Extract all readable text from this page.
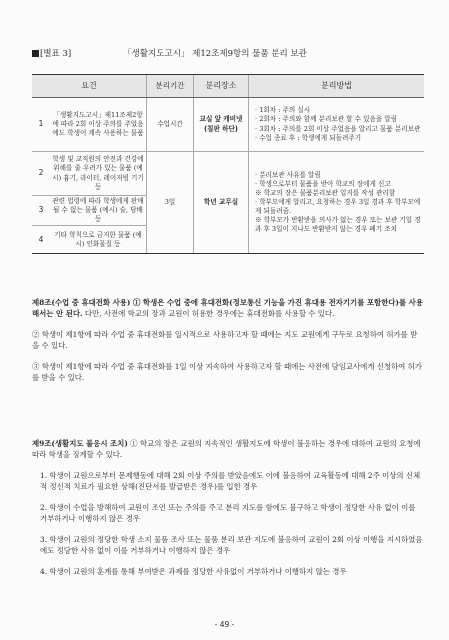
[별표 3]	「생활지도고시」 제12조제9항의 물품 분리 보관
요건		분리기간	분리장소	분리방법
1	「생활지도고시」제11조제2항에 따라 2회 이상 주의를 주었음에도 학생이 계속 사용하는 물품	수업시간	교실 앞 캐비넷 (칠판 하단)	· 1회차 : 주의 실시

· 2회차 : 주의와 함께 분리보관 할 수 있음을 알림

· 3회차 : 주의를 2회 이상 주었음을 알리고 물품 분리보관

· 수업 종료 후 : 학생에게 되돌려주기

2	학생 및 교직원의 안전과 건강에 위해를 줄 우려가 있는 물품 (예시) 흉기, 라이터, 레이저빔 기기 등	3일	학년 교무실	· 분리보관 사유를 알림

· 학생으로부터 물품을 받아 학교의 장에게 신고

※ 학교의 장은 물품분리보관 일지를 작성 관리함

· 학부모에게 알리고, 요청하는 경우 3일 경과 후 학부모에게 되돌려줌.

※ 학부모가 반환받을 의사가 없는 경우 또는 보관 기일 경과 후 3일이 지나도 반환받지 않는 경우 폐기 조치

3	관련 법령에 따라 학생에게 판매될 수 없는 물품 (예시) 술, 담배 등			
4	기타 학칙으로 금지한 물품 (예시) 인화물질 등			

제8조(수업 중 휴대전화 사용) ① 학생은 수업 중에 휴대전화(정보통신 기능을 가진 휴대용 전자기기를 포함한다)를 사용해서는 안 된다. 다만, 사전에 학교의 장과 교원이 허용한 경우에는 휴대전화를 사용할 수 있다.

② 학생이 제1항에 따라 수업 중 휴대전화를 일시적으로 사용하고자 할 때에는 지도 교원에게 구두로 요청하여 허가를 받을 수 있다.

③ 학생이 제1항에 따라 수업 중 휴대전화를 1일 이상 지속하여 사용하고자 할 때에는 사전에 담임교사에게 신청하여 허가를 받을 수 있다.

제9조(생활지도 불응시 조치) ① 학교의 장은 교원의 지속적인 생활지도에 학생이 불응하는 경우에 대하여 교원의 요청에 따라 학생을 징계할 수 있다.

1. 학생이 교원으로부터 문제행동에 대해 2회 이상 주의를 받았음에도 이에 불응하여 교육활동에 대해 2주 이상의 신체적 정신적 치료가 필요한 상해(진단서를 발급받은 경우)를 입힌 경우

2. 학생이 수업을 방해하여 교원이 조언 또는 주의를 주고 분리 지도를 함에도 불구하고 학생이 정당한 사유 없이 이를 거부하거나 이행하지 않은 경우

3. 학생이 교원의 정당한 학생 소지 물품 조사 또는 물품 분리 보관 지도에 불응하여 교원이 2회 이상 이행을 지시하였음에도 정당한 사유 없이 이를 거부하거나 이행하지 않은 경우

4. 학생이 교원의 훈계를 통해 부여받은 과제를 정당한 사유없이 거부하거나 이행하지 않는 경우

- 49 -
